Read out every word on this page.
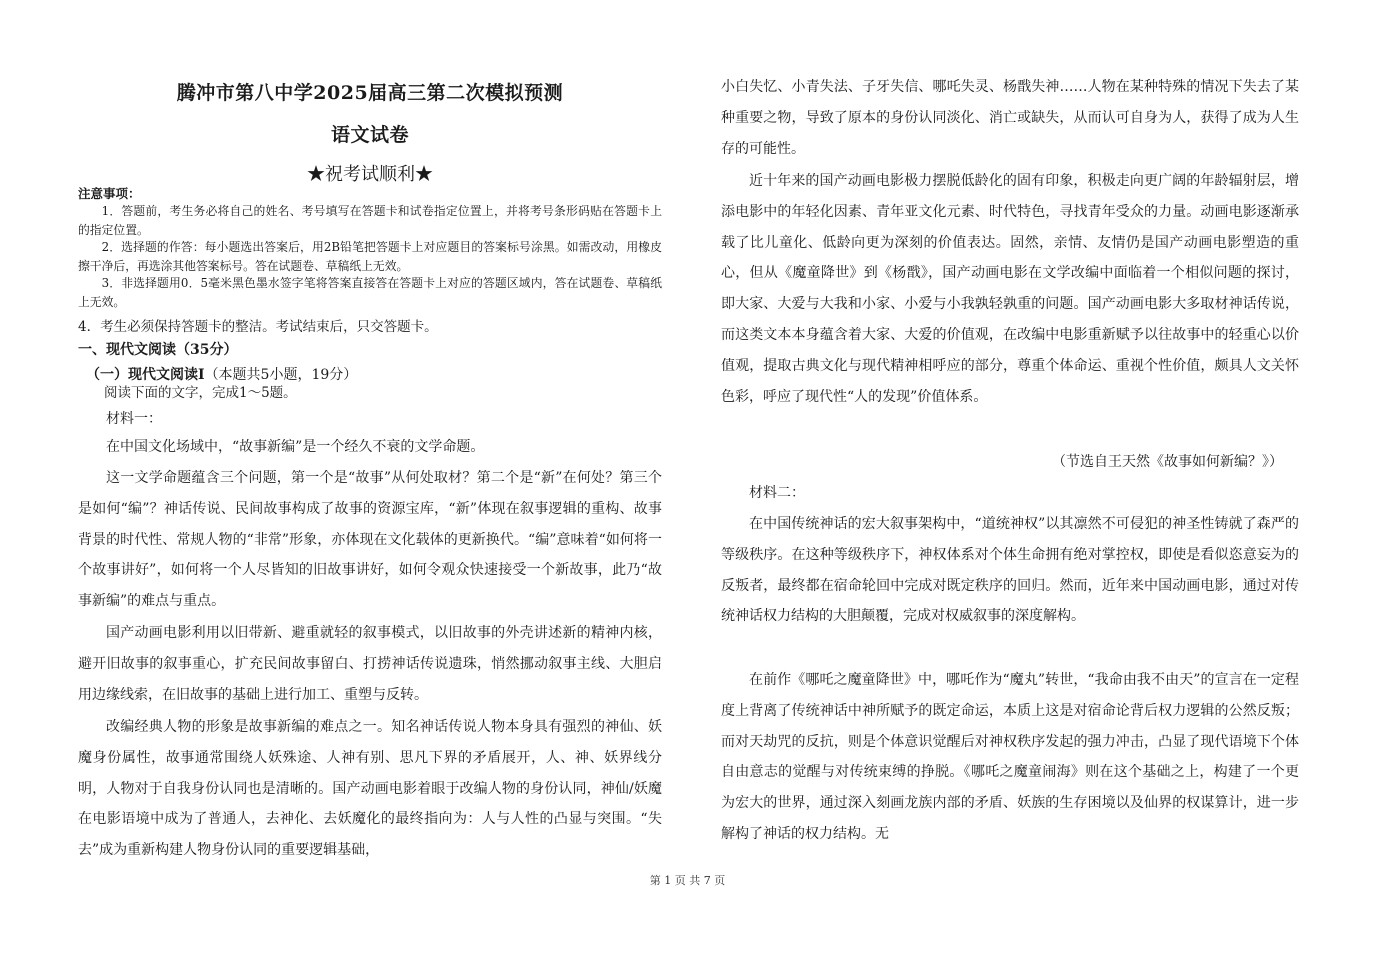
腾冲市第八中学2025届高三第二次模拟预测
语文试卷
★祝考试顺利★
注意事项：

1．答题前，考生务必将自己的姓名、考号填写在答题卡和试卷指定位置上，并将考号条形码贴在答题卡上的指定位置。

2．选择题的作答：每小题选出答案后，用2B铅笔把答题卡上对应题目的答案标号涂黑。如需改动，用橡皮擦干净后，再选涂其他答案标号。答在试题卷、草稿纸上无效。

3．非选择题用0．5毫米黑色墨水签字笔将答案直接答在答题卡上对应的答题区域内，答在试题卷、草稿纸上无效。

4．考生必须保持答题卡的整洁。考试结束后，只交答题卡。

一、现代文阅读（35分）

（一）现代文阅读Ⅰ（本题共5小题，19分）

阅读下面的文字，完成1～5题。

材料一：

在中国文化场域中，“故事新编”是一个经久不衰的文学命题。

这一文学命题蕴含三个问题，第一个是“故事”从何处取材？第二个是“新”在何处？第三个是如何“编”？神话传说、民间故事构成了故事的资源宝库，“新”体现在叙事逻辑的重构、故事背景的时代性、常规人物的“非常”形象，亦体现在文化载体的更新换代。“编”意味着“如何将一个故事讲好”，如何将一个人尽皆知的旧故事讲好，如何令观众快速接受一个新故事，此乃“故事新编”的难点与重点。

国产动画电影利用以旧带新、避重就轻的叙事模式，以旧故事的外壳讲述新的精神内核，避开旧故事的叙事重心，扩充民间故事留白、打捞神话传说遗珠，悄然挪动叙事主线、大胆启用边缘线索，在旧故事的基础上进行加工、重塑与反转。

改编经典人物的形象是故事新编的难点之一。知名神话传说人物本身具有强烈的神仙、妖魔身份属性，故事通常围绕人妖殊途、人神有别、思凡下界的矛盾展开，人、神、妖界线分明，人物对于自我身份认同也是清晰的。国产动画电影着眼于改编人物的身份认同，神仙/妖魔在电影语境中成为了普通人，去神化、去妖魔化的最终指向为：人与人性的凸显与突围。“失去”成为重新构建人物身份认同的重要逻辑基础，

小白失忆、小青失法、子牙失信、哪吒失灵、杨戬失神……人物在某种特殊的情况下失去了某种重要之物，导致了原本的身份认同淡化、消亡或缺失，从而认可自身为人，获得了成为人生存的可能性。

近十年来的国产动画电影极力摆脱低龄化的固有印象，积极走向更广阔的年龄辐射层，增添电影中的年轻化因素、青年亚文化元素、时代特色，寻找青年受众的力量。动画电影逐渐承载了比儿童化、低龄向更为深刻的价值表达。固然，亲情、友情仍是国产动画电影塑造的重心，但从《魔童降世》到《杨戬》，国产动画电影在文学改编中面临着一个相似问题的探讨，即大家、大爱与大我和小家、小爱与小我孰轻孰重的问题。国产动画电影大多取材神话传说，而这类文本本身蕴含着大家、大爱的价值观，在改编中电影重新赋予以往故事中的轻重心以价值观，提取古典文化与现代精神相呼应的部分，尊重个体命运、重视个性价值，颇具人文关怀色彩，呼应了现代性“人的发现”价值体系。

（节选自王天然《故事如何新编？》）

材料二：

在中国传统神话的宏大叙事架构中，“道统神权”以其凛然不可侵犯的神圣性铸就了森严的等级秩序。在这种等级秩序下，神权体系对个体生命拥有绝对掌控权，即使是看似恣意妄为的反叛者，最终都在宿命轮回中完成对既定秩序的回归。然而，近年来中国动画电影，通过对传统神话权力结构的大胆颠覆，完成对权威叙事的深度解构。

在前作《哪吒之魔童降世》中，哪吒作为“魔丸”转世，“我命由我不由天”的宣言在一定程度上背离了传统神话中神所赋予的既定命运，本质上这是对宿命论背后权力逻辑的公然反叛；而对天劫咒的反抗，则是个体意识觉醒后对神权秩序发起的强力冲击，凸显了现代语境下个体自由意志的觉醒与对传统束缚的挣脱。《哪吒之魔童闹海》则在这个基础之上，构建了一个更为宏大的世界，通过深入刻画龙族内部的矛盾、妖族的生存困境以及仙界的权谋算计，进一步解构了神话的权力结构。无

第 1 页 共 7 页
